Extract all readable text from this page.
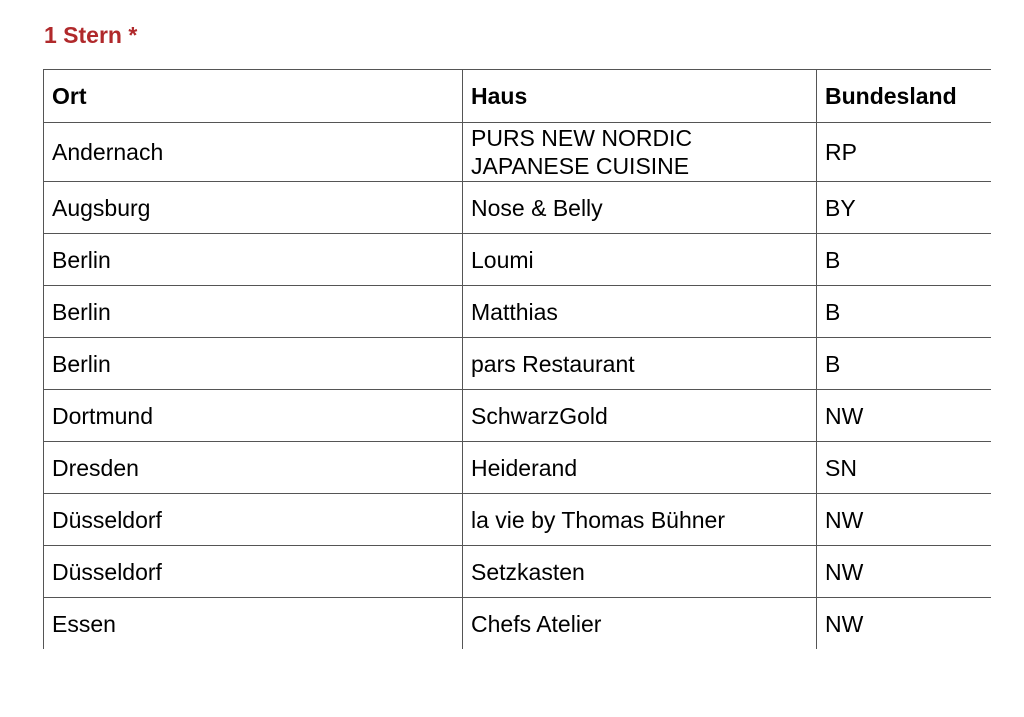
1 Stern *
Ort	Haus	Bundesland
Andernach	PURS NEW NORDIC JAPANESE CUISINE	RP
Augsburg	Nose & Belly	BY
Berlin	Loumi	B
Berlin	Matthias	B
Berlin	pars Restaurant	B
Dortmund	SchwarzGold	NW
Dresden	Heiderand	SN
Düsseldorf	la vie by Thomas Bühner	NW
Düsseldorf	Setzkasten	NW
Essen	Chefs Atelier	NW
